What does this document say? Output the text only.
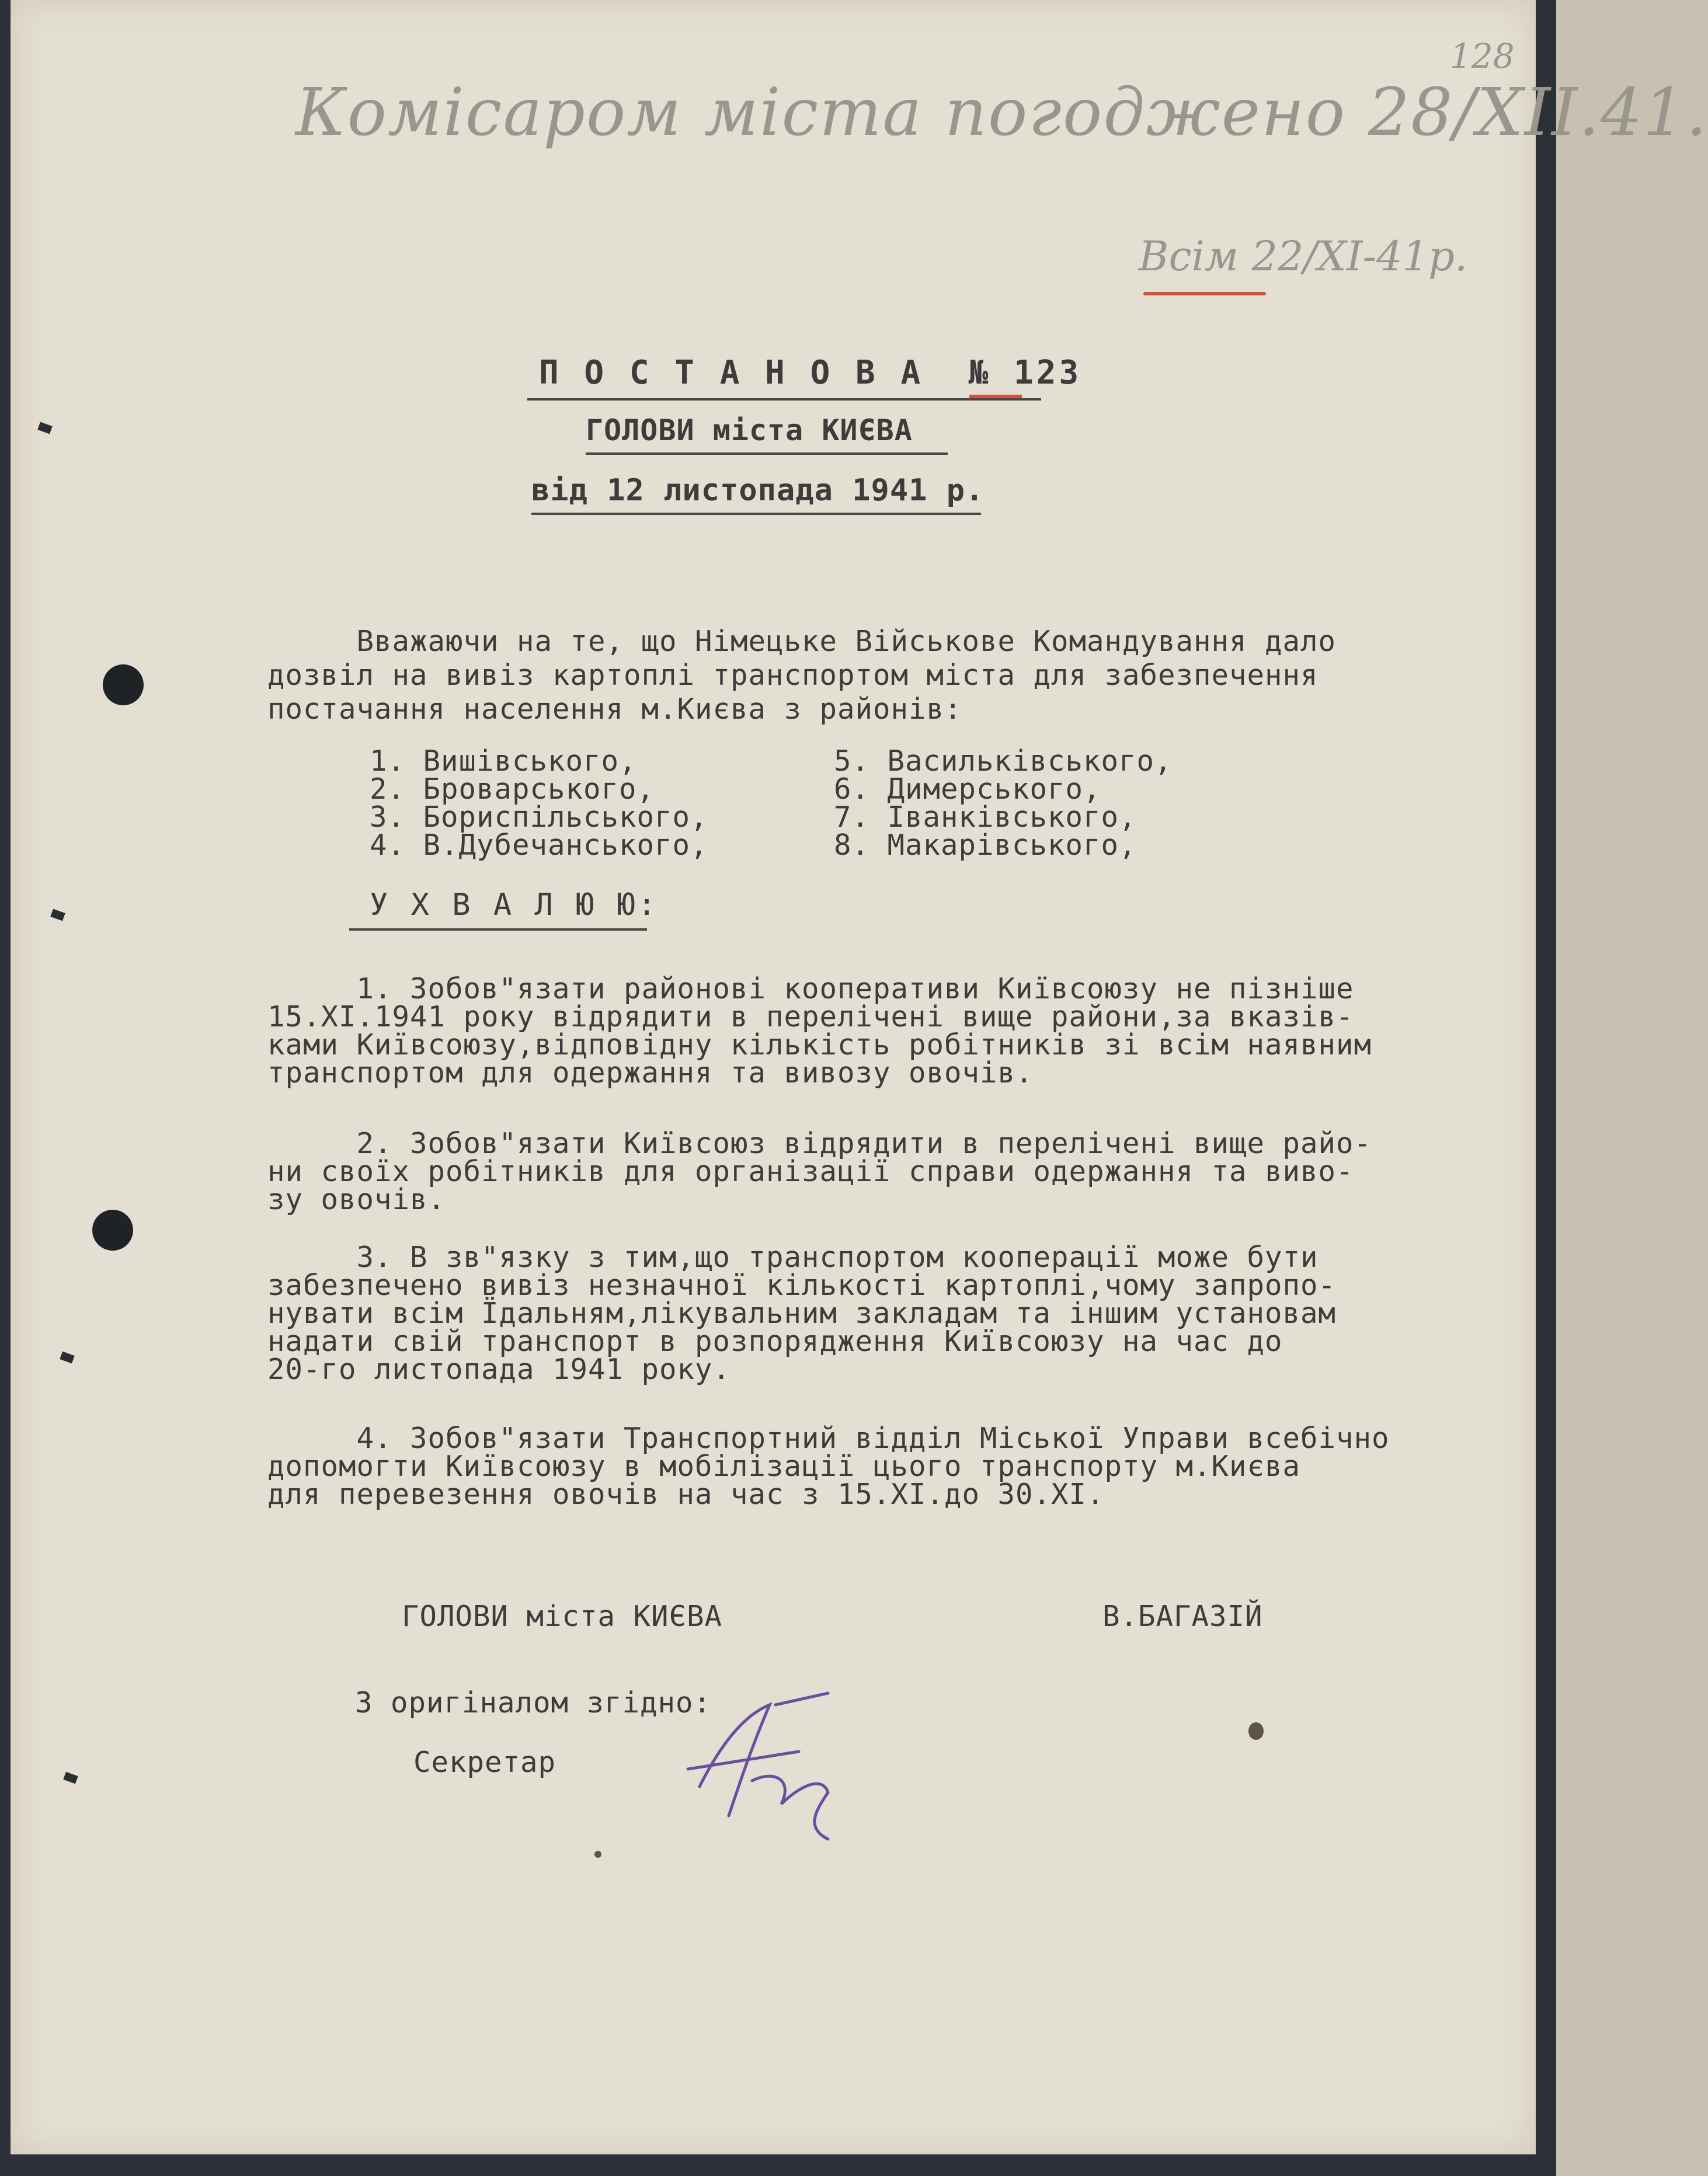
128
Комісаром міста погоджено 28/XII.41.
Всім 22/XI-41р.
П О С Т А Н О В А  № 123
ГОЛОВИ міста КИЄВА
від 12 листопада 1941 р.
Вважаючи на те, що Німецьке Військове Командування дало
дозвіл на вивіз картоплі транспортом міста для забезпечення
постачання населення м.Києва з районів:
1. Вишівського,
2. Броварського,
3. Бориспільського,
4. В.Дубечанського,
5. Васильківського,
6. Димерського,
7. Іванківського,
8. Макарівського,
У Х В А Л Ю Ю:
1. Зобов"язати районові кооперативи Київсоюзу не пізніше
15.XI.1941 року відрядити в перелічені вище райони,за вказів-
ками Київсоюзу,відповідну кількість робітників зі всім наявним
транспортом для одержання та вивозу овочів.
2. Зобов"язати Київсоюз відрядити в перелічені вище райо-
ни своїх робітників для організації справи одержання та виво-
зу овочів.
3. В зв"язку з тим,що транспортом кооперації може бути
забезпечено вивіз незначної кількості картоплі,чому запропо-
нувати всім Їдальням,лікувальним закладам та іншим установам
надати свій транспорт в розпорядження Київсоюзу на час до
20-го листопада 1941 року.
4. Зобов"язати Транспортний відділ Міської Управи всебічно
допомогти Київсоюзу в мобілізації цього транспорту м.Києва
для перевезення овочів на час з 15.XI.до 30.XI.
ГОЛОВИ міста КИЄВА	В.БАГАЗІЙ
З оригіналом згідно:
Секретар
